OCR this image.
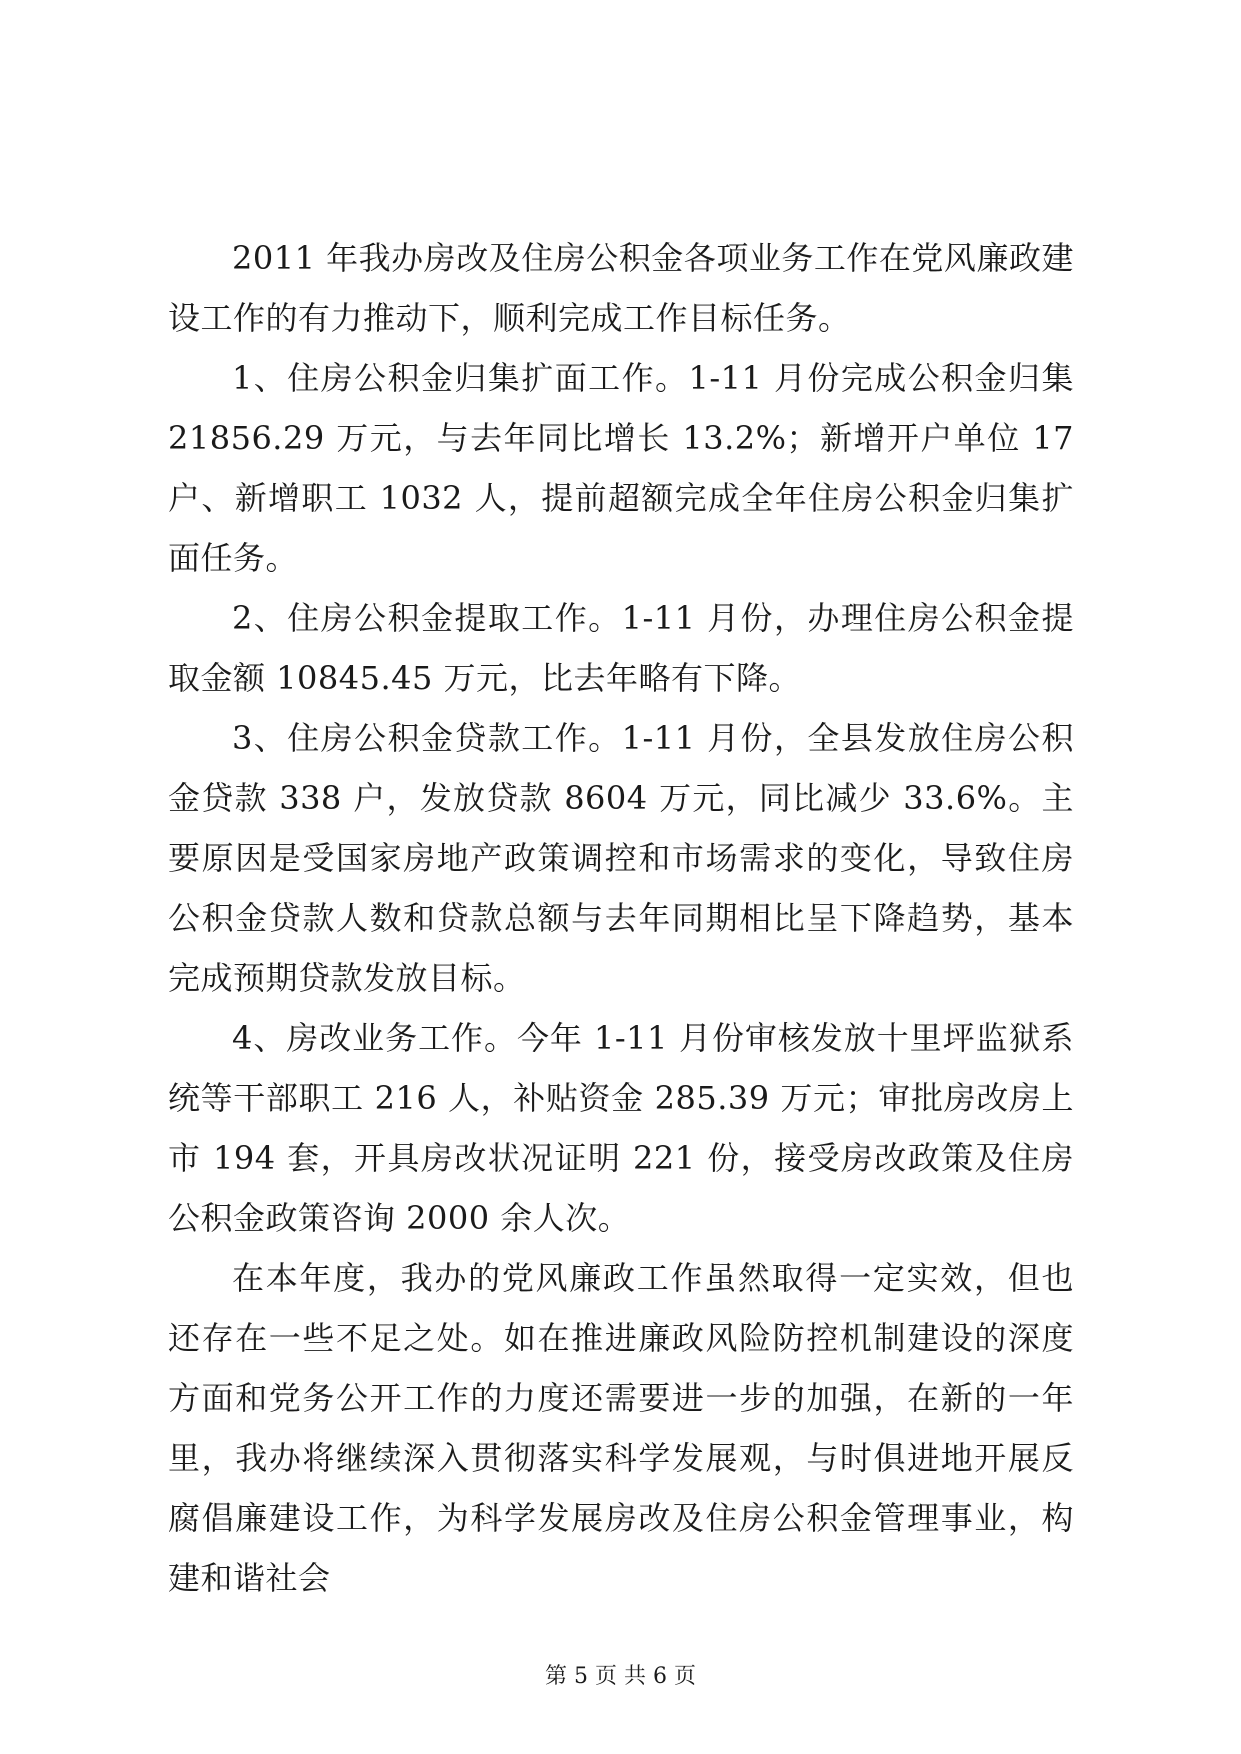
2011 年我办房改及住房公积金各项业务工作在党风廉政建设工作的有力推动下，顺利完成工作目标任务。

1、住房公积金归集扩面工作。1-11 月份完成公积金归集 21856.29 万元，与去年同比增长 13.2%；新增开户单位 17 户、新增职工 1032 人，提前超额完成全年住房公积金归集扩面任务。

2、住房公积金提取工作。1-11 月份，办理住房公积金提取金额 10845.45 万元，比去年略有下降。

3、住房公积金贷款工作。1-11 月份，全县发放住房公积金贷款 338 户，发放贷款 8604 万元，同比减少 33.6%。主要原因是受国家房地产政策调控和市场需求的变化，导致住房公积金贷款人数和贷款总额与去年同期相比呈下降趋势，基本完成预期贷款发放目标。

4、房改业务工作。今年 1-11 月份审核发放十里坪监狱系统等干部职工 216 人，补贴资金 285.39 万元；审批房改房上市 194 套，开具房改状况证明 221 份，接受房改政策及住房公积金政策咨询 2000 余人次。

在本年度，我办的党风廉政工作虽然取得一定实效，但也还存在一些不足之处。如在推进廉政风险防控机制建设的深度方面和党务公开工作的力度还需要进一步的加强，在新的一年里，我办将继续深入贯彻落实科学发展观，与时俱进地开展反腐倡廉建设工作，为科学发展房改及住房公积金管理事业，构建和谐社会

第 5 页 共 6 页
